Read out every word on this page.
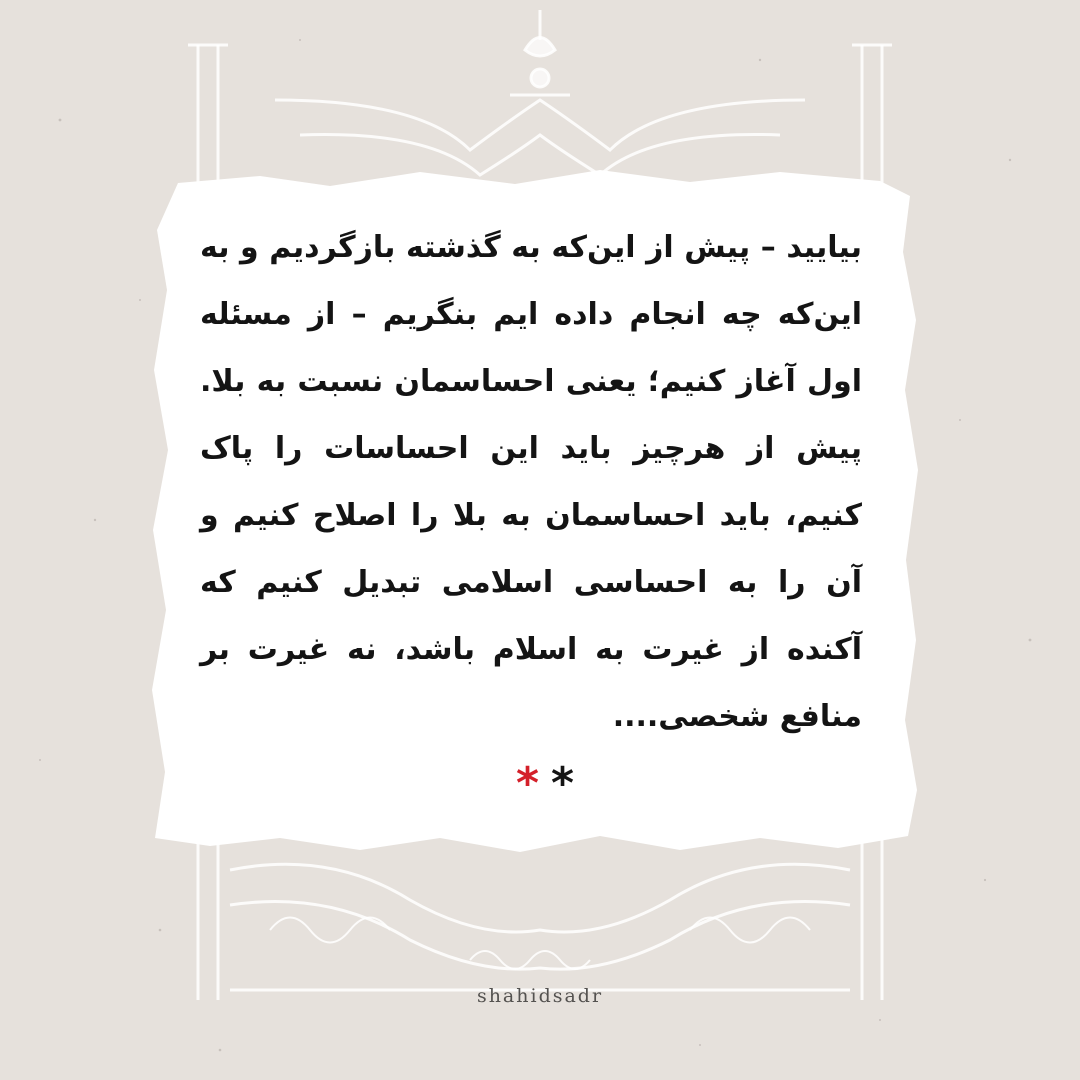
بیایید – پیش از این‌که به گذشته بازگردیم و به این‌که چه انجام داده ایم بنگریم – از مسئله اول آغاز کنیم؛ یعنی احساسمان نسبت به بلا. پیش از هرچیز باید این احساسات را پاک کنیم، باید احساسمان به بلا را اصلاح کنیم و آن را به احساسی اسلامی تبدیل کنیم که آکنده از غیرت به اسلام باشد، نه غیرت بر منافع شخصی....
* *
shahidsadr
